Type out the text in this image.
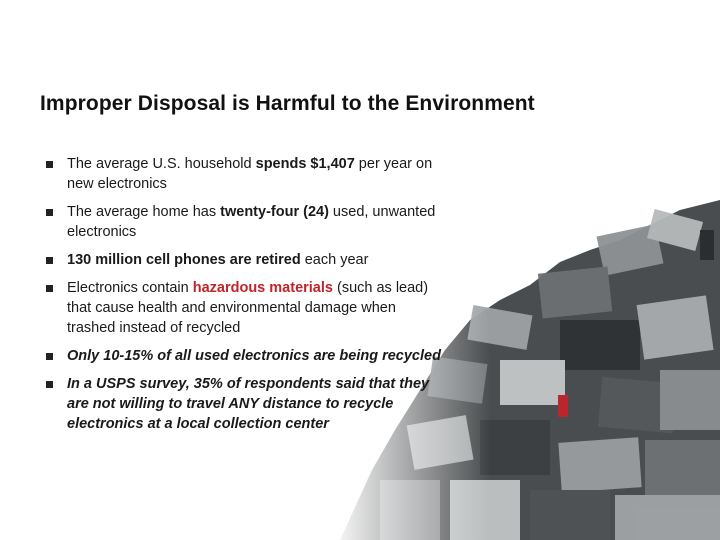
Improper Disposal is Harmful to the Environment
The average U.S. household spends $1,407 per year on new electronics
The average home has twenty-four (24) used, unwanted electronics
130 million cell phones are retired each year
Electronics contain hazardous materials (such as lead) that cause health and environmental damage when trashed instead of recycled
Only 10-15% of all used electronics are being recycled
In a USPS survey, 35% of respondents said that they are not willing to travel ANY distance to recycle electronics at a local collection center
